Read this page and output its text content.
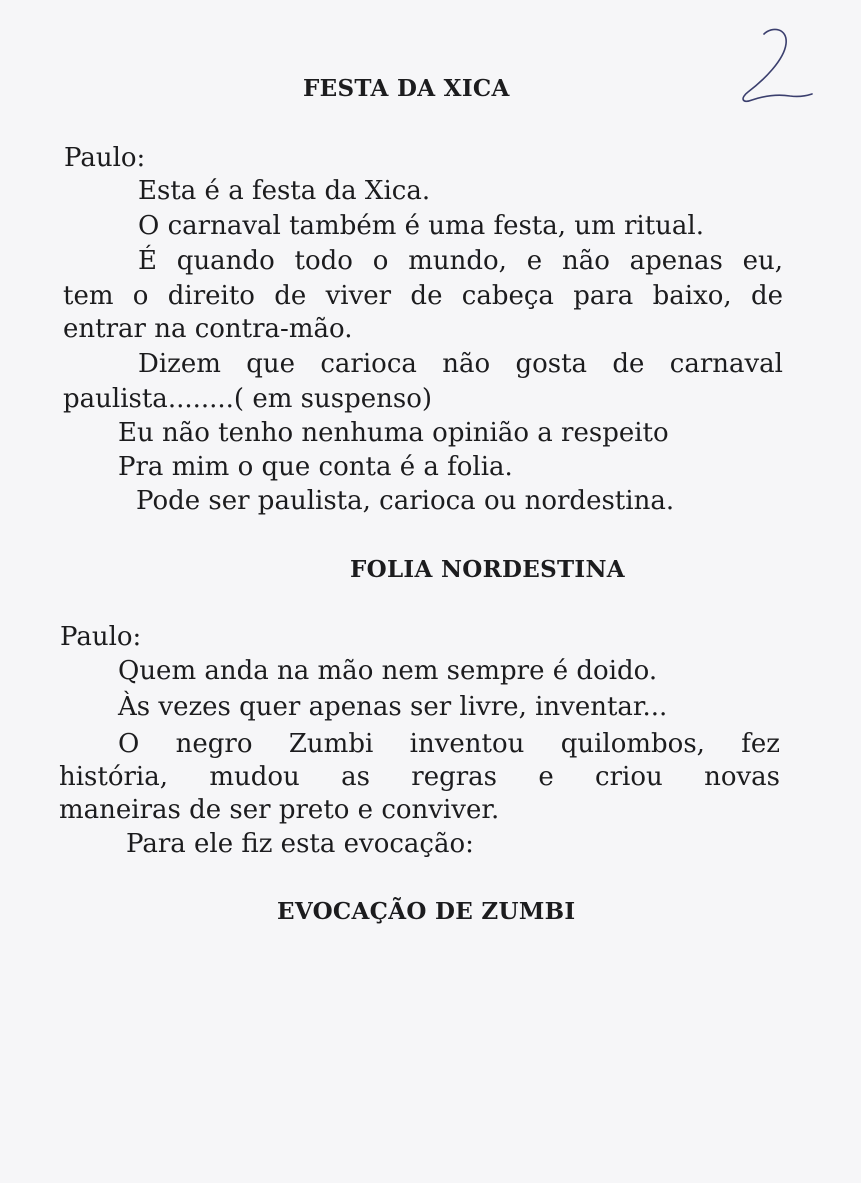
FESTA DA XICA

Paulo:

Esta é a festa da Xica.

O carnaval também é uma festa, um ritual.

É quando todo o mundo, e não apenas eu,

tem o direito de viver de cabeça para baixo, de

entrar na contra-mão.

Dizem que carioca não gosta de carnaval

paulista........( em suspenso)

Eu não tenho nenhuma opinião a respeito

Pra mim o que conta é a folia.

Pode ser paulista, carioca ou nordestina.

FOLIA NORDESTINA

Paulo:

Quem anda na mão nem sempre é doido.

Às vezes quer apenas ser livre, inventar...

O negro Zumbi inventou quilombos, fez

história, mudou as regras e criou novas

maneiras de ser preto e conviver.

Para ele fiz esta evocação:

EVOCAÇÃO DE ZUMBI
